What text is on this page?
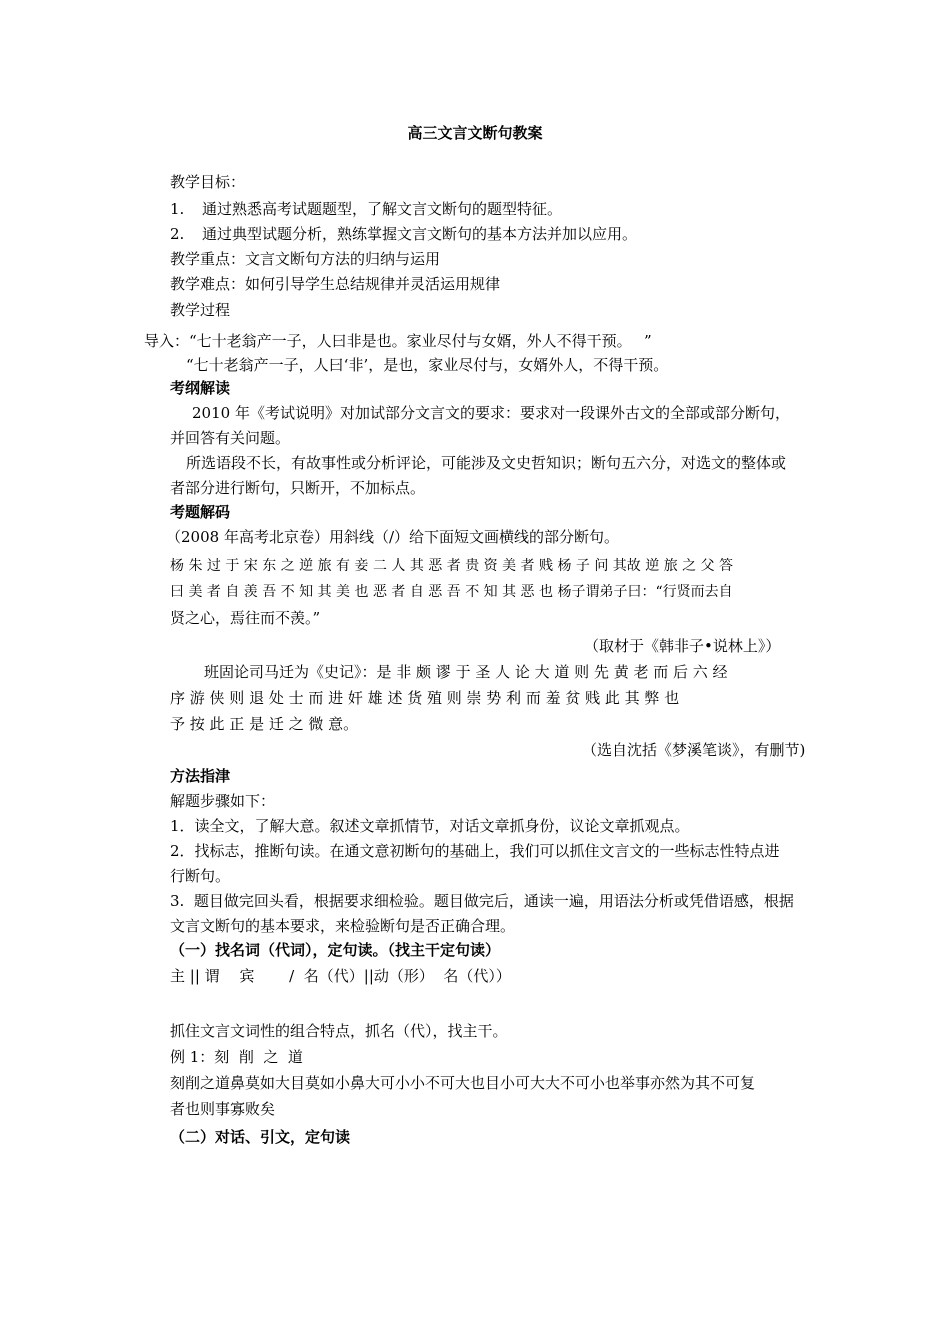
高三文言文断句教案
教学目标：
1. 通过熟悉高考试题题型，了解文言文断句的题型特征。
2. 通过典型试题分析，熟练掌握文言文断句的基本方法并加以应用。
教学重点：文言文断句方法的归纳与运用
教学难点：如何引导学生总结规律并灵活运用规律
教学过程
导入：“七十老翁产一子，人曰非是也。家业尽付与女婿，外人不得干预。　 ”
“七十老翁产一子，人曰‘非’，是也，家业尽付与，女婿外人，不得干预。
考纲解读
2010 年《考试说明》对加试部分文言文的要求：要求对一段课外古文的全部或部分断句，
并回答有关问题。
所选语段不长，有故事性或分析评论，可能涉及文史哲知识；断句五六分，对选文的整体或
者部分进行断句，只断开，不加标点。
考题解码
（2008 年高考北京卷）用斜线（/）给下面短文画横线的部分断句。
杨 朱 过 于 宋 东 之 逆 旅 有 妾 二 人 其 恶 者 贵 资 美 者 贱 杨 子 问 其故 逆 旅 之 父 答
曰 美 者 自 羡 吾 不 知 其 美 也 恶 者 自 恶 吾 不 知 其 恶 也 杨子谓弟子曰：“行贤而去自
贤之心，焉往而不羡。”
（取材于《韩非子•说林上》）
班固论司马迁为《史记》：是 非 颇 谬 于 圣 人 论 大 道 则 先 黄 老 而 后 六 经
序 游 侠 则 退 处 士 而 进 奸 雄 述 货 殖 则 崇 势 利 而 羞 贫 贱 此 其 弊 也
予 按 此 正 是 迁 之 微 意。
（选自沈括《梦溪笔谈》，有删节)
方法指津
解题步骤如下：
1．读全文，了解大意。叙述文章抓情节，对话文章抓身份，议论文章抓观点。
2．找标志，推断句读。在通文意初断句的基础上，我们可以抓住文言文的一些标志性特点进
行断句。
3.  题目做完回头看，根据要求细检验。题目做完后，通读一遍，用语法分析或凭借语感，根据
文言文断句的基本要求，来检验断句是否正确合理。
（一）找名词（代词），定句读。（找主干定句读）
主 || 谓　 宾　　 /  名（代）||动（形）  名（代））
抓住文言文词性的组合特点，抓名（代），找主干。
例 1：刻  削  之  道
刻削之道鼻莫如大目莫如小鼻大可小小不可大也目小可大大不可小也举事亦然为其不可复
者也则事寡败矣
（二）对话、引文，定句读
